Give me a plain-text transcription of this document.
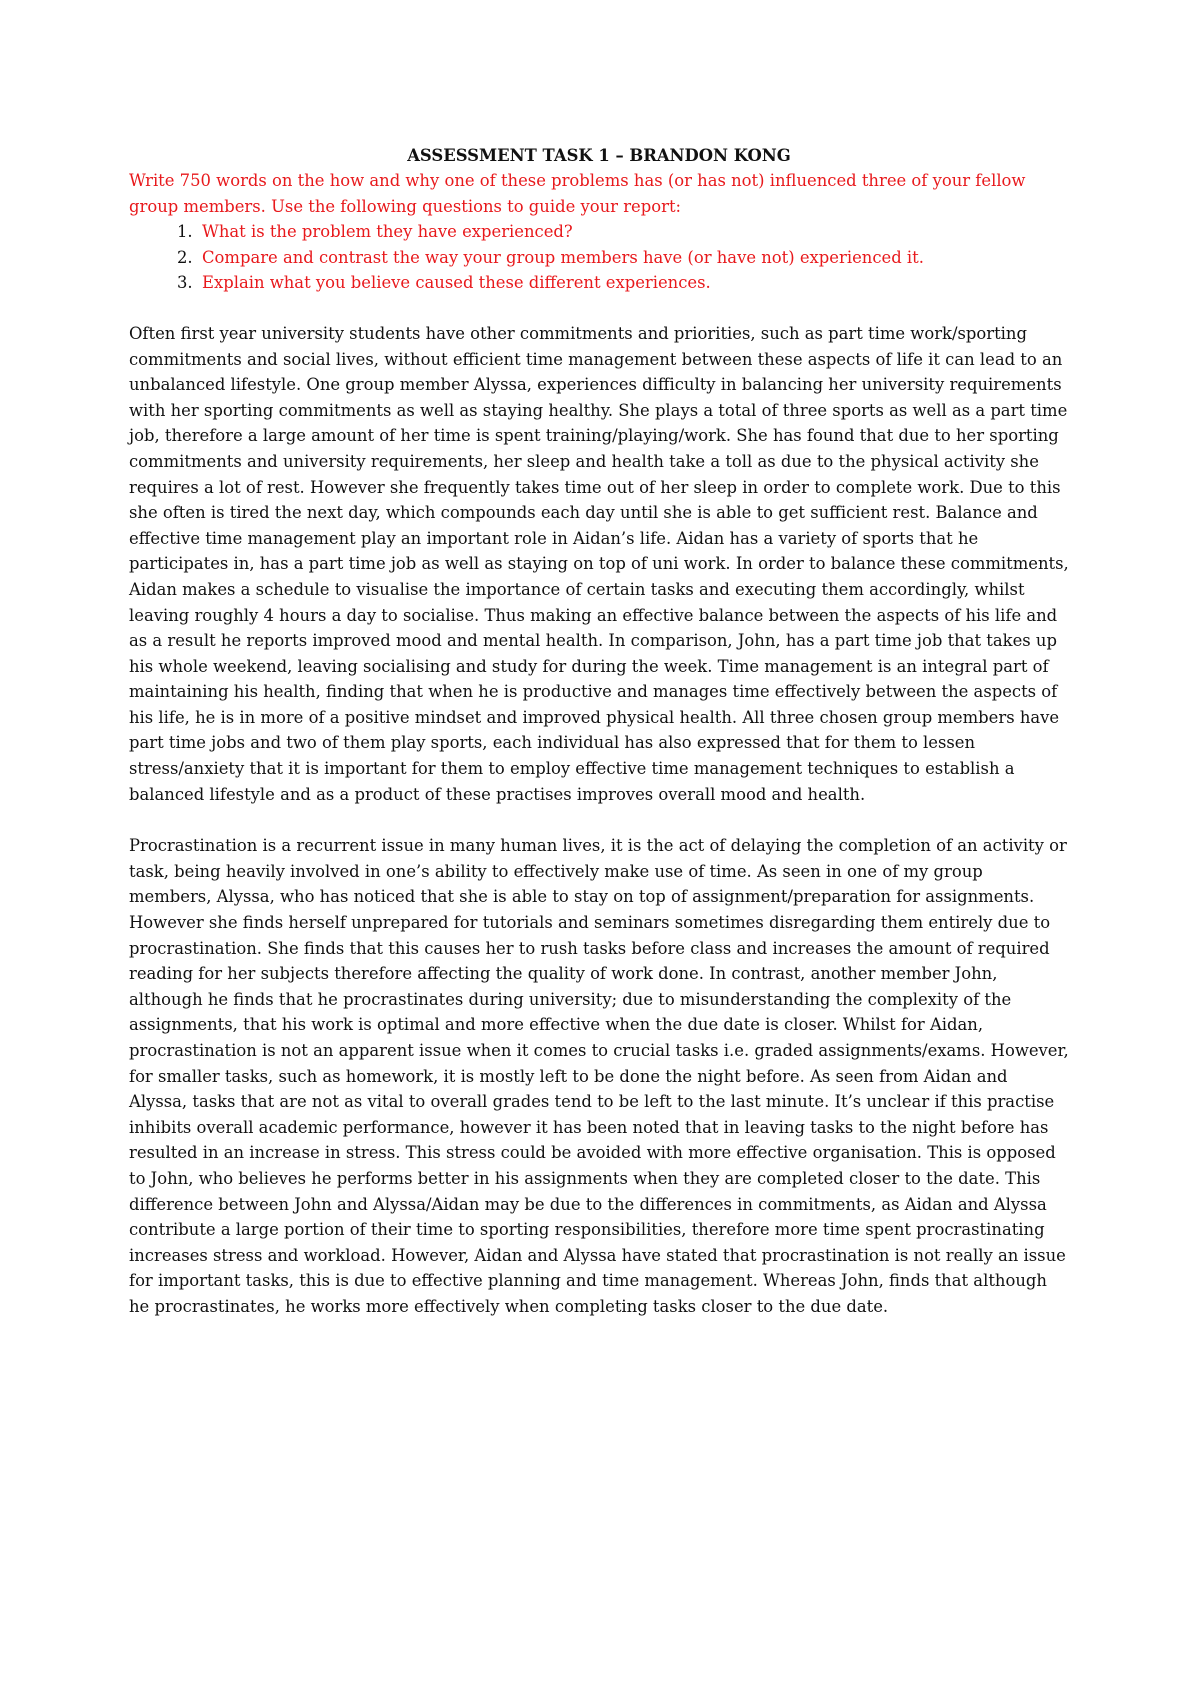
ASSESSMENT TASK 1 – BRANDON KONG

Write 750 words on the how and why one of these problems has (or has not) influenced three of your fellow group members. Use the following questions to guide your report:

1. What is the problem they have experienced?
2. Compare and contrast the way your group members have (or have not) experienced it.
3. Explain what you believe caused these different experiences.

Often first year university students have other commitments and priorities, such as part time work/sporting commitments and social lives, without efficient time management between these aspects of life it can lead to an unbalanced lifestyle. One group member Alyssa, experiences difficulty in balancing her university requirements with her sporting commitments as well as staying healthy. She plays a total of three sports as well as a part time job, therefore a large amount of her time is spent training/playing/work. She has found that due to her sporting commitments and university requirements, her sleep and health take a toll as due to the physical activity she requires a lot of rest. However she frequently takes time out of her sleep in order to complete work. Due to this she often is tired the next day, which compounds each day until she is able to get sufficient rest. Balance and effective time management play an important role in Aidan’s life. Aidan has a variety of sports that he participates in, has a part time job as well as staying on top of uni work. In order to balance these commitments, Aidan makes a schedule to visualise the importance of certain tasks and executing them accordingly, whilst leaving roughly 4 hours a day to socialise. Thus making an effective balance between the aspects of his life and as a result he reports improved mood and mental health. In comparison, John, has a part time job that takes up his whole weekend, leaving socialising and study for during the week. Time management is an integral part of maintaining his health, finding that when he is productive and manages time effectively between the aspects of his life, he is in more of a positive mindset and improved physical health. All three chosen group members have part time jobs and two of them play sports, each individual has also expressed that for them to lessen stress/anxiety that it is important for them to employ effective time management techniques to establish a balanced lifestyle and as a product of these practises improves overall mood and health.

Procrastination is a recurrent issue in many human lives, it is the act of delaying the completion of an activity or task, being heavily involved in one’s ability to effectively make use of time. As seen in one of my group members, Alyssa, who has noticed that she is able to stay on top of assignment/preparation for assignments. However she finds herself unprepared for tutorials and seminars sometimes disregarding them entirely due to procrastination. She finds that this causes her to rush tasks before class and increases the amount of required reading for her subjects therefore affecting the quality of work done. In contrast, another member John, although he finds that he procrastinates during university; due to misunderstanding the complexity of the assignments, that his work is optimal and more effective when the due date is closer. Whilst for Aidan, procrastination is not an apparent issue when it comes to crucial tasks i.e. graded assignments/exams. However, for smaller tasks, such as homework, it is mostly left to be done the night before. As seen from Aidan and Alyssa, tasks that are not as vital to overall grades tend to be left to the last minute. It’s unclear if this practise inhibits overall academic performance, however it has been noted that in leaving tasks to the night before has resulted in an increase in stress. This stress could be avoided with more effective organisation. This is opposed to John, who believes he performs better in his assignments when they are completed closer to the date. This difference between John and Alyssa/Aidan may be due to the differences in commitments, as Aidan and Alyssa contribute a large portion of their time to sporting responsibilities, therefore more time spent procrastinating increases stress and workload. However, Aidan and Alyssa have stated that procrastination is not really an issue for important tasks, this is due to effective planning and time management. Whereas John, finds that although he procrastinates, he works more effectively when completing tasks closer to the due date.
